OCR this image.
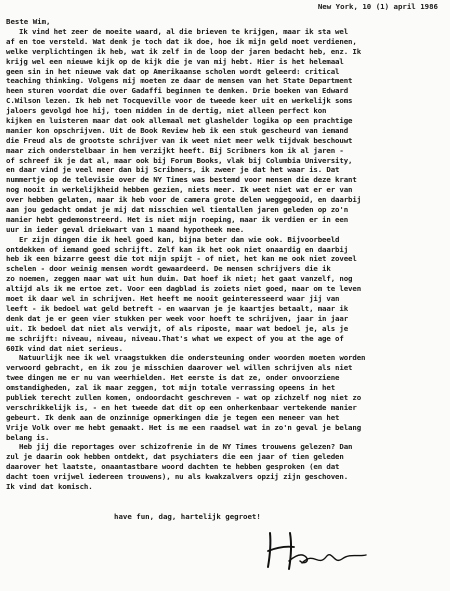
New York, 10 (1) april 1986
Beste Wim,
Ik vind het zeer de moeite waard, al die brieven te krijgen, maar ik sta wel
af en toe versteld. Wat denk je toch dat ik doe, hoe ik mijn geld moet verdienen,
welke verplichtingen ik heb, wat ik zelf in de loop der jaren bedacht heb, enz. Ik
krijg wel een nieuwe kijk op de kijk die je van mij hebt. Hier is het helemaal
geen sin in het nieuwe vak dat op Amerikaanse scholen wordt geleerd: critical
teaching thinking. Volgens mij moeten ze daar de mensen van het State Department
heen sturen voordat die over Gadaffi beginnen te denken. Drie boeken van Edward
C.Wilson lezen. Ik heb net Tocqueville voor de tweede keer uit en werkelijk soms
jaloers gevolgd hoe hij, toen midden in de dertig, niet alleen perfect kon
kijken en luisteren maar dat ook allemaal met glashelder logika op een prachtige
manier kon opschrijven. Uit de Book Review heb ik een stuk gescheurd van iemand
die Freud als de grootste schrijver van ik weet niet meer welk tijdvak beschouwt
maar zich onderstelbaar in hem verzijkt heeft. Bij Scribners kom ik al jaren -
of schreef ik je dat al, maar ook bij Forum Books, vlak bij Columbia University,
en daar vind je veel meer dan bij Scribners, ik zweer je dat het waar is. Dat
nummertje op de televisie over de NY Times was bestemd voor mensen die deze krant
nog nooit in werkelijkheid hebben gezien, niets meer. Ik weet niet wat er er van
over hebben gelaten, maar ik heb voor de camera grote delen weggegooid, en daarbij
aan jou gedacht omdat je mij dat misschien wel tientallen jaren geleden op zo'n
manier hebt gedemonstreerd. Het is niet mijn roeping, maar ik verdien er in een
uur in ieder geval driekwart van 1 maand hypotheek mee.
Er zijn dingen die ik heel goed kan, bijna beter dan wie ook. Bijvoorbeeld
ontdekken of iemand goed schrijft. Zelf kan ik het ook niet onaardig en daarbij
heb ik een bizarre geest die tot mijn spijt - of niet, het kan me ook niet zoveel
schelen - door weinig mensen wordt gewaardeerd. De mensen schrijvers die ik
zo noemen, zeggen maar wat uit hun duim. Dat hoef ik niet; het gaat vanzelf, nog
altijd als ik me ertoe zet. Voor een dagblad is zoiets niet goed, maar om te leven
moet ik daar wel in schrijven. Het heeft me nooit geinteresseerd waar jij van
leeft - ik bedoel wat geld betreft - en waarvan je je kaartjes betaalt, maar ik
denk dat je er geen vier stukken per week voor hoeft te schrijven, jaar in jaar
uit. Ik bedoel dat niet als verwijt, of als riposte, maar wat bedoel je, als je
me schrijft: niveau, niveau, niveau.That's what we expect of you at the age of
60Ik vind dat niet serieus.
Natuurlijk nee ik wel vraagstukken die ondersteuning onder woorden moeten worden
verwoord gebracht, en ik zou je misschien daarover wel willen schrijven als niet
twee dingen me er nu van weerhielden. Het eerste is dat ze, onder onvoorziene
omstandigheden, zal ik maar zeggen, tot mijn totale verrassing opeens in het
publiek terecht zullen komen, ondoordacht geschreven - wat op zichzelf nog niet zo
verschrikkelijk is, - en het tweede dat dit op een onherkenbaar vertekende manier
gebeurt. Ik denk aan de onzinnige opmerkingen die je tegen een meneer van het
Vrije Volk over me hebt gemaakt. Het is me een raadsel wat in zo'n geval je belang
belang is.
Heb jij die reportages over schizofrenie in de NY Times trouwens gelezen? Dan
zul je daarin ook hebben ontdekt, dat psychiaters die een jaar of tien geleden
daarover het laatste, onaantastbare woord dachten te hebben gesproken (en dat
dacht toen vrijwel iedereen trouwens), nu als kwakzalvers opzij zijn geschoven.
Ik vind dat komisch.
have fun, dag, hartelijk gegroet!
